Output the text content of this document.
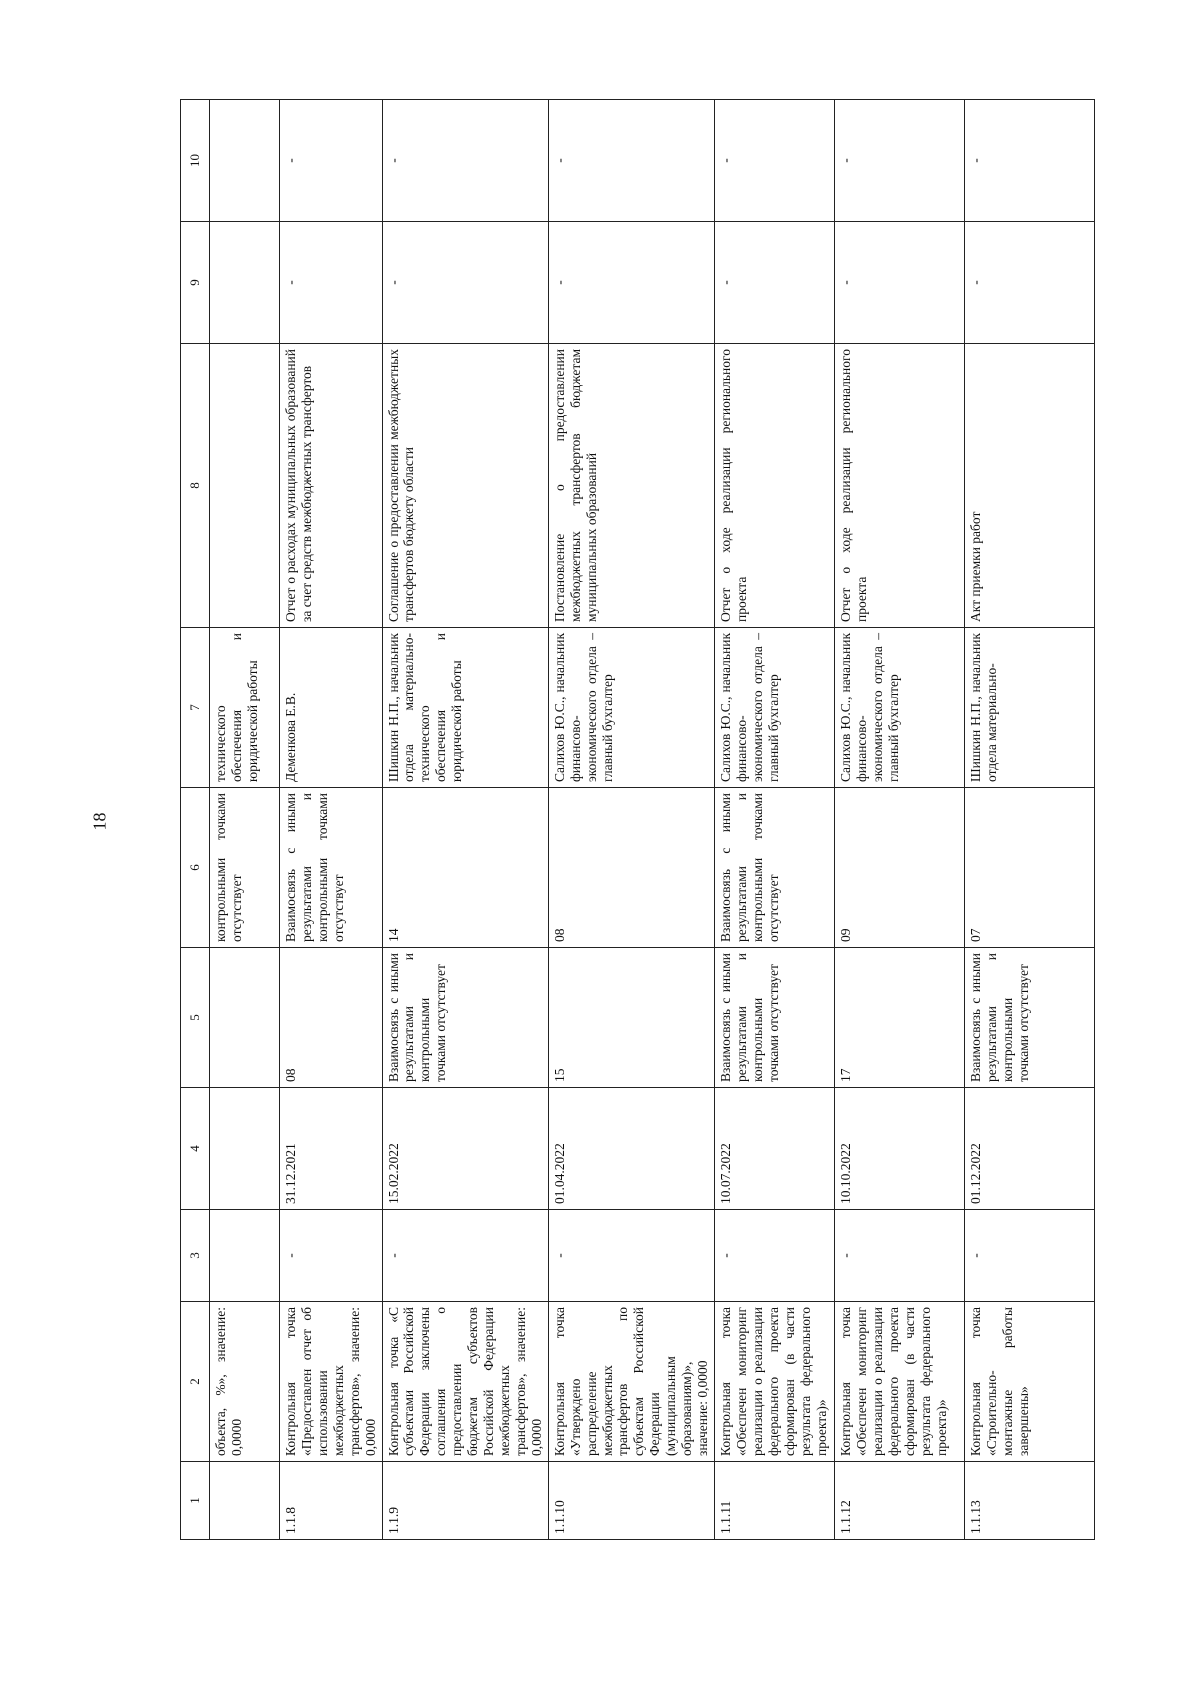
18
1	2	3	4	5	6	7	8	9	10
	объекта, %», значение: 0,0000				контрольными точками отсутствует	технического обеспечения и юридической работы			
1.1.8	Контрольная точка «Предоставлен отчет об использовании межбюджетных трансфертов», значение: 0,0000	-	31.12.2021	08	Взаимосвязь с иными результатами и контрольными точками отсутствует	Деменкова Е.В.	Отчет о расходах муниципальных образований за счет средств межбюджетных трансфертов	-	-
1.1.9	Контрольная точка «С субъектами Российской Федерации заключены соглашения о предоставлении бюджетам субъектов Российской Федерации межбюджетных трансфертов», значение: 0,0000	-	15.02.2022	Взаимосвязь с иными результатами и контрольными точками отсутствует	14	Шишкин Н.П., начальник отдела материально-технического обеспечения и юридической работы	Соглашение о предоставлении межбюджетных трансфертов бюджету области	-	-
1.1.10	Контрольная точка «Утверждено распределение межбюджетных трансфертов по субъектам Российской Федерации (муниципальным образованиям)», значение: 0,0000	-	01.04.2022	15	08	Салихов Ю.С., начальник финансово-экономического отдела – главный бухгалтер	Постановление о предоставлении межбюджетных трансфертов бюджетам муниципальных образований	-	-
1.1.11	Контрольная точка «Обеспечен мониторинг реализации о реализации федерального проекта сформирован (в части результата федерального проекта)»	-	10.07.2022	Взаимосвязь с иными результатами и контрольными точками отсутствует	Взаимосвязь с иными результатами и контрольными точками отсутствует	Салихов Ю.С., начальник финансово-экономического отдела – главный бухгалтер	Отчет о ходе реализации регионального проекта	-	-
1.1.12	Контрольная точка «Обеспечен мониторинг реализации о реализации федерального проекта сформирован (в части результата федерального проекта)»	-	10.10.2022	17	09	Салихов Ю.С., начальник финансово-экономического отдела – главный бухгалтер	Отчет о ходе реализации регионального проекта	-	-
1.1.13	Контрольная точка «Строительно-монтажные работы завершены»	-	01.12.2022	Взаимосвязь с иными результатами и контрольными точками отсутствует	07	Шишкин Н.П., начальник отдела материально-	Акт приемки работ	-	-
